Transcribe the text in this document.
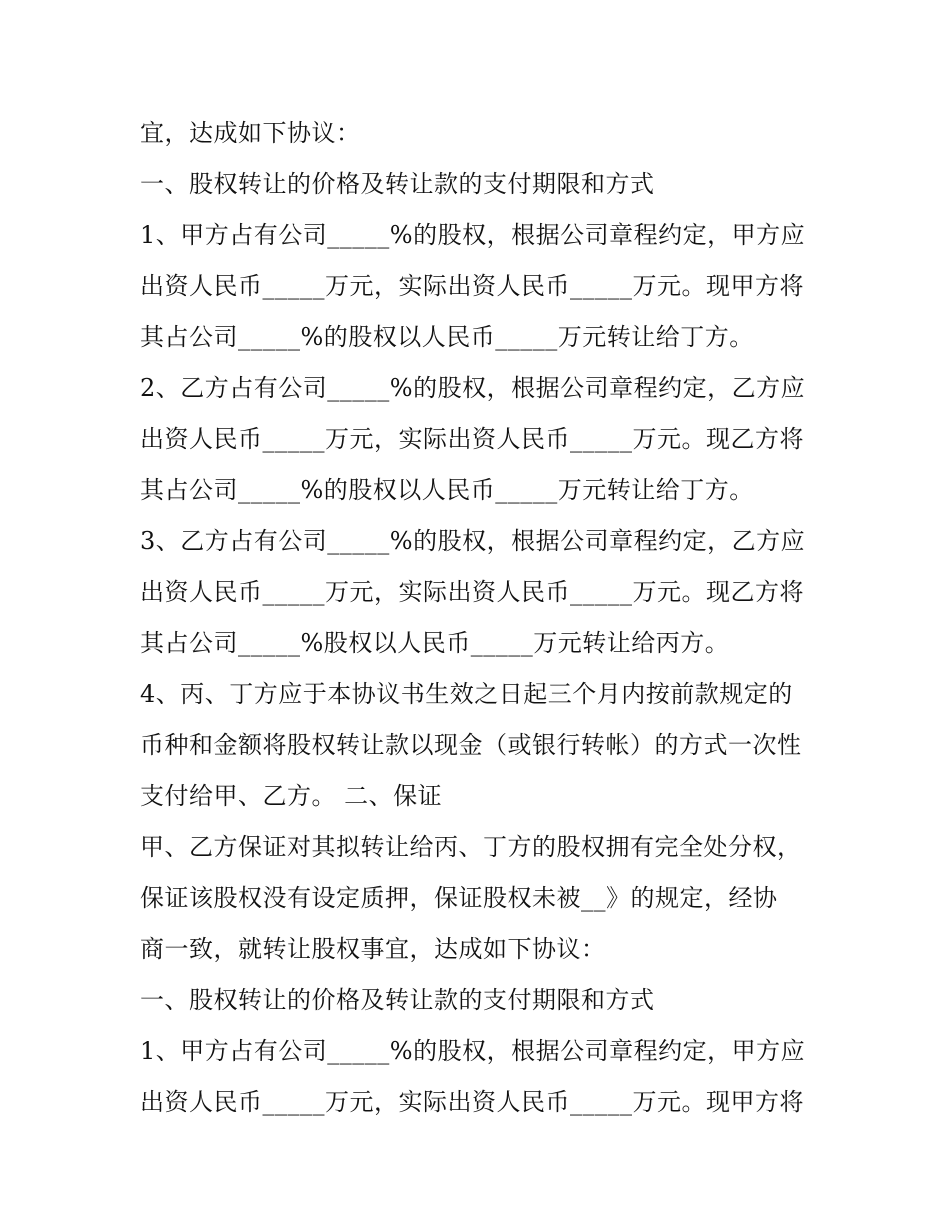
宜，达成如下协议：
一、股权转让的价格及转让款的支付期限和方式
1、甲方占有公司_____%的股权，根据公司章程约定，甲方应
出资人民币_____万元，实际出资人民币_____万元。现甲方将
其占公司_____%的股权以人民币_____万元转让给丁方。
2、乙方占有公司_____%的股权，根据公司章程约定，乙方应
出资人民币_____万元，实际出资人民币_____万元。现乙方将
其占公司_____%的股权以人民币_____万元转让给丁方。
3、乙方占有公司_____%的股权，根据公司章程约定，乙方应
出资人民币_____万元，实际出资人民币_____万元。现乙方将
其占公司_____%股权以人民币_____万元转让给丙方。
4、丙、丁方应于本协议书生效之日起三个月内按前款规定的
币种和金额将股权转让款以现金（或银行转帐）的方式一次性
支付给甲、乙方。 二、保证
甲、乙方保证对其拟转让给丙、丁方的股权拥有完全处分权，
保证该股权没有设定质押，保证股权未被__》的规定，经协
商一致，就转让股权事宜，达成如下协议：
一、股权转让的价格及转让款的支付期限和方式
1、甲方占有公司_____%的股权，根据公司章程约定，甲方应
出资人民币_____万元，实际出资人民币_____万元。现甲方将
